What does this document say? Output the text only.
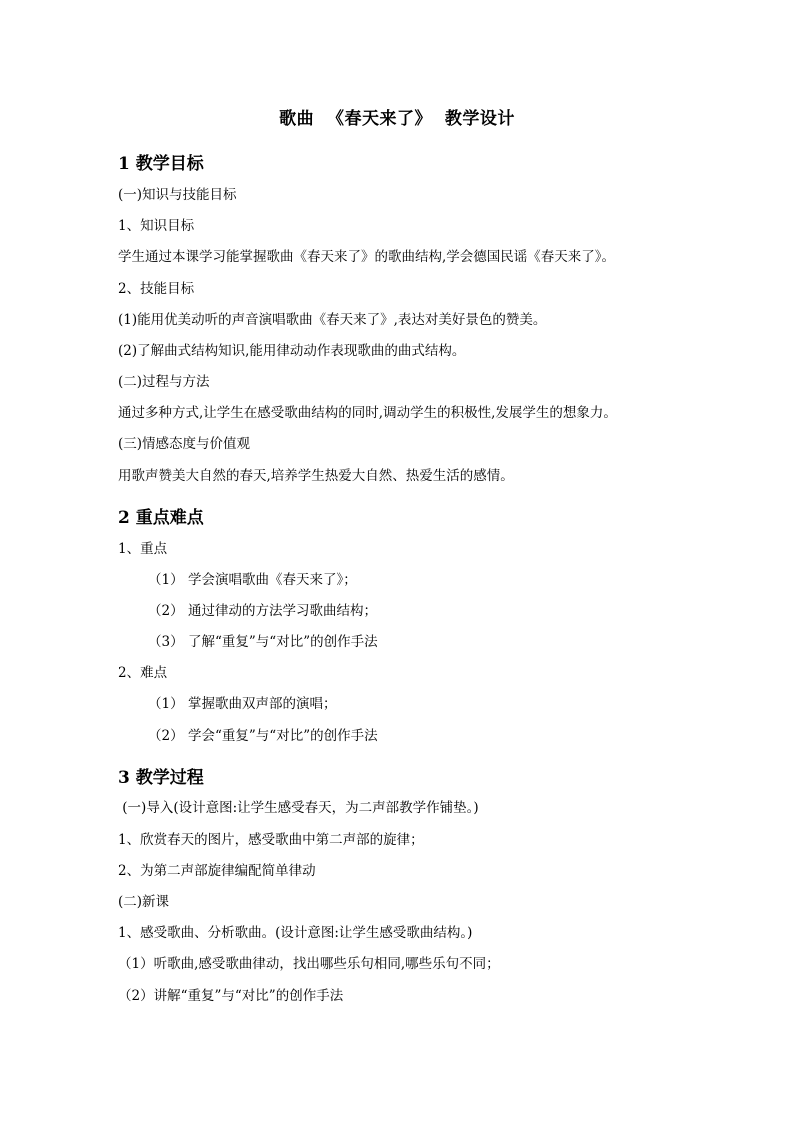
歌曲  《春天来了》  教学设计
1 教学目标
(一)知识与技能目标
1、知识目标
学生通过本课学习能掌握歌曲《春天来了》的歌曲结构,学会德国民谣《春天来了》。
2、技能目标
(1)能用优美动听的声音演唱歌曲《春天来了》,表达对美好景色的赞美。
(2)了解曲式结构知识,能用律动动作表现歌曲的曲式结构。
(二)过程与方法
通过多种方式,让学生在感受歌曲结构的同时,调动学生的积极性,发展学生的想象力。
(三)情感态度与价值观
用歌声赞美大自然的春天,培养学生热爱大自然、热爱生活的感情。
2 重点难点
1、重点
（1） 学会演唱歌曲《春天来了》；
（2） 通过律动的方法学习歌曲结构；
（3） 了解“重复”与“对比”的创作手法
2、难点
（1） 掌握歌曲双声部的演唱；
（2） 学会“重复”与“对比”的创作手法
3 教学过程
(一)导入(设计意图:让学生感受春天，为二声部教学作铺垫。)
1、欣赏春天的图片，感受歌曲中第二声部的旋律；
2、为第二声部旋律编配简单律动
(二)新课
1、感受歌曲、分析歌曲。(设计意图:让学生感受歌曲结构。)
（1）听歌曲,感受歌曲律动，找出哪些乐句相同,哪些乐句不同；
（2）讲解“重复”与“对比”的创作手法
